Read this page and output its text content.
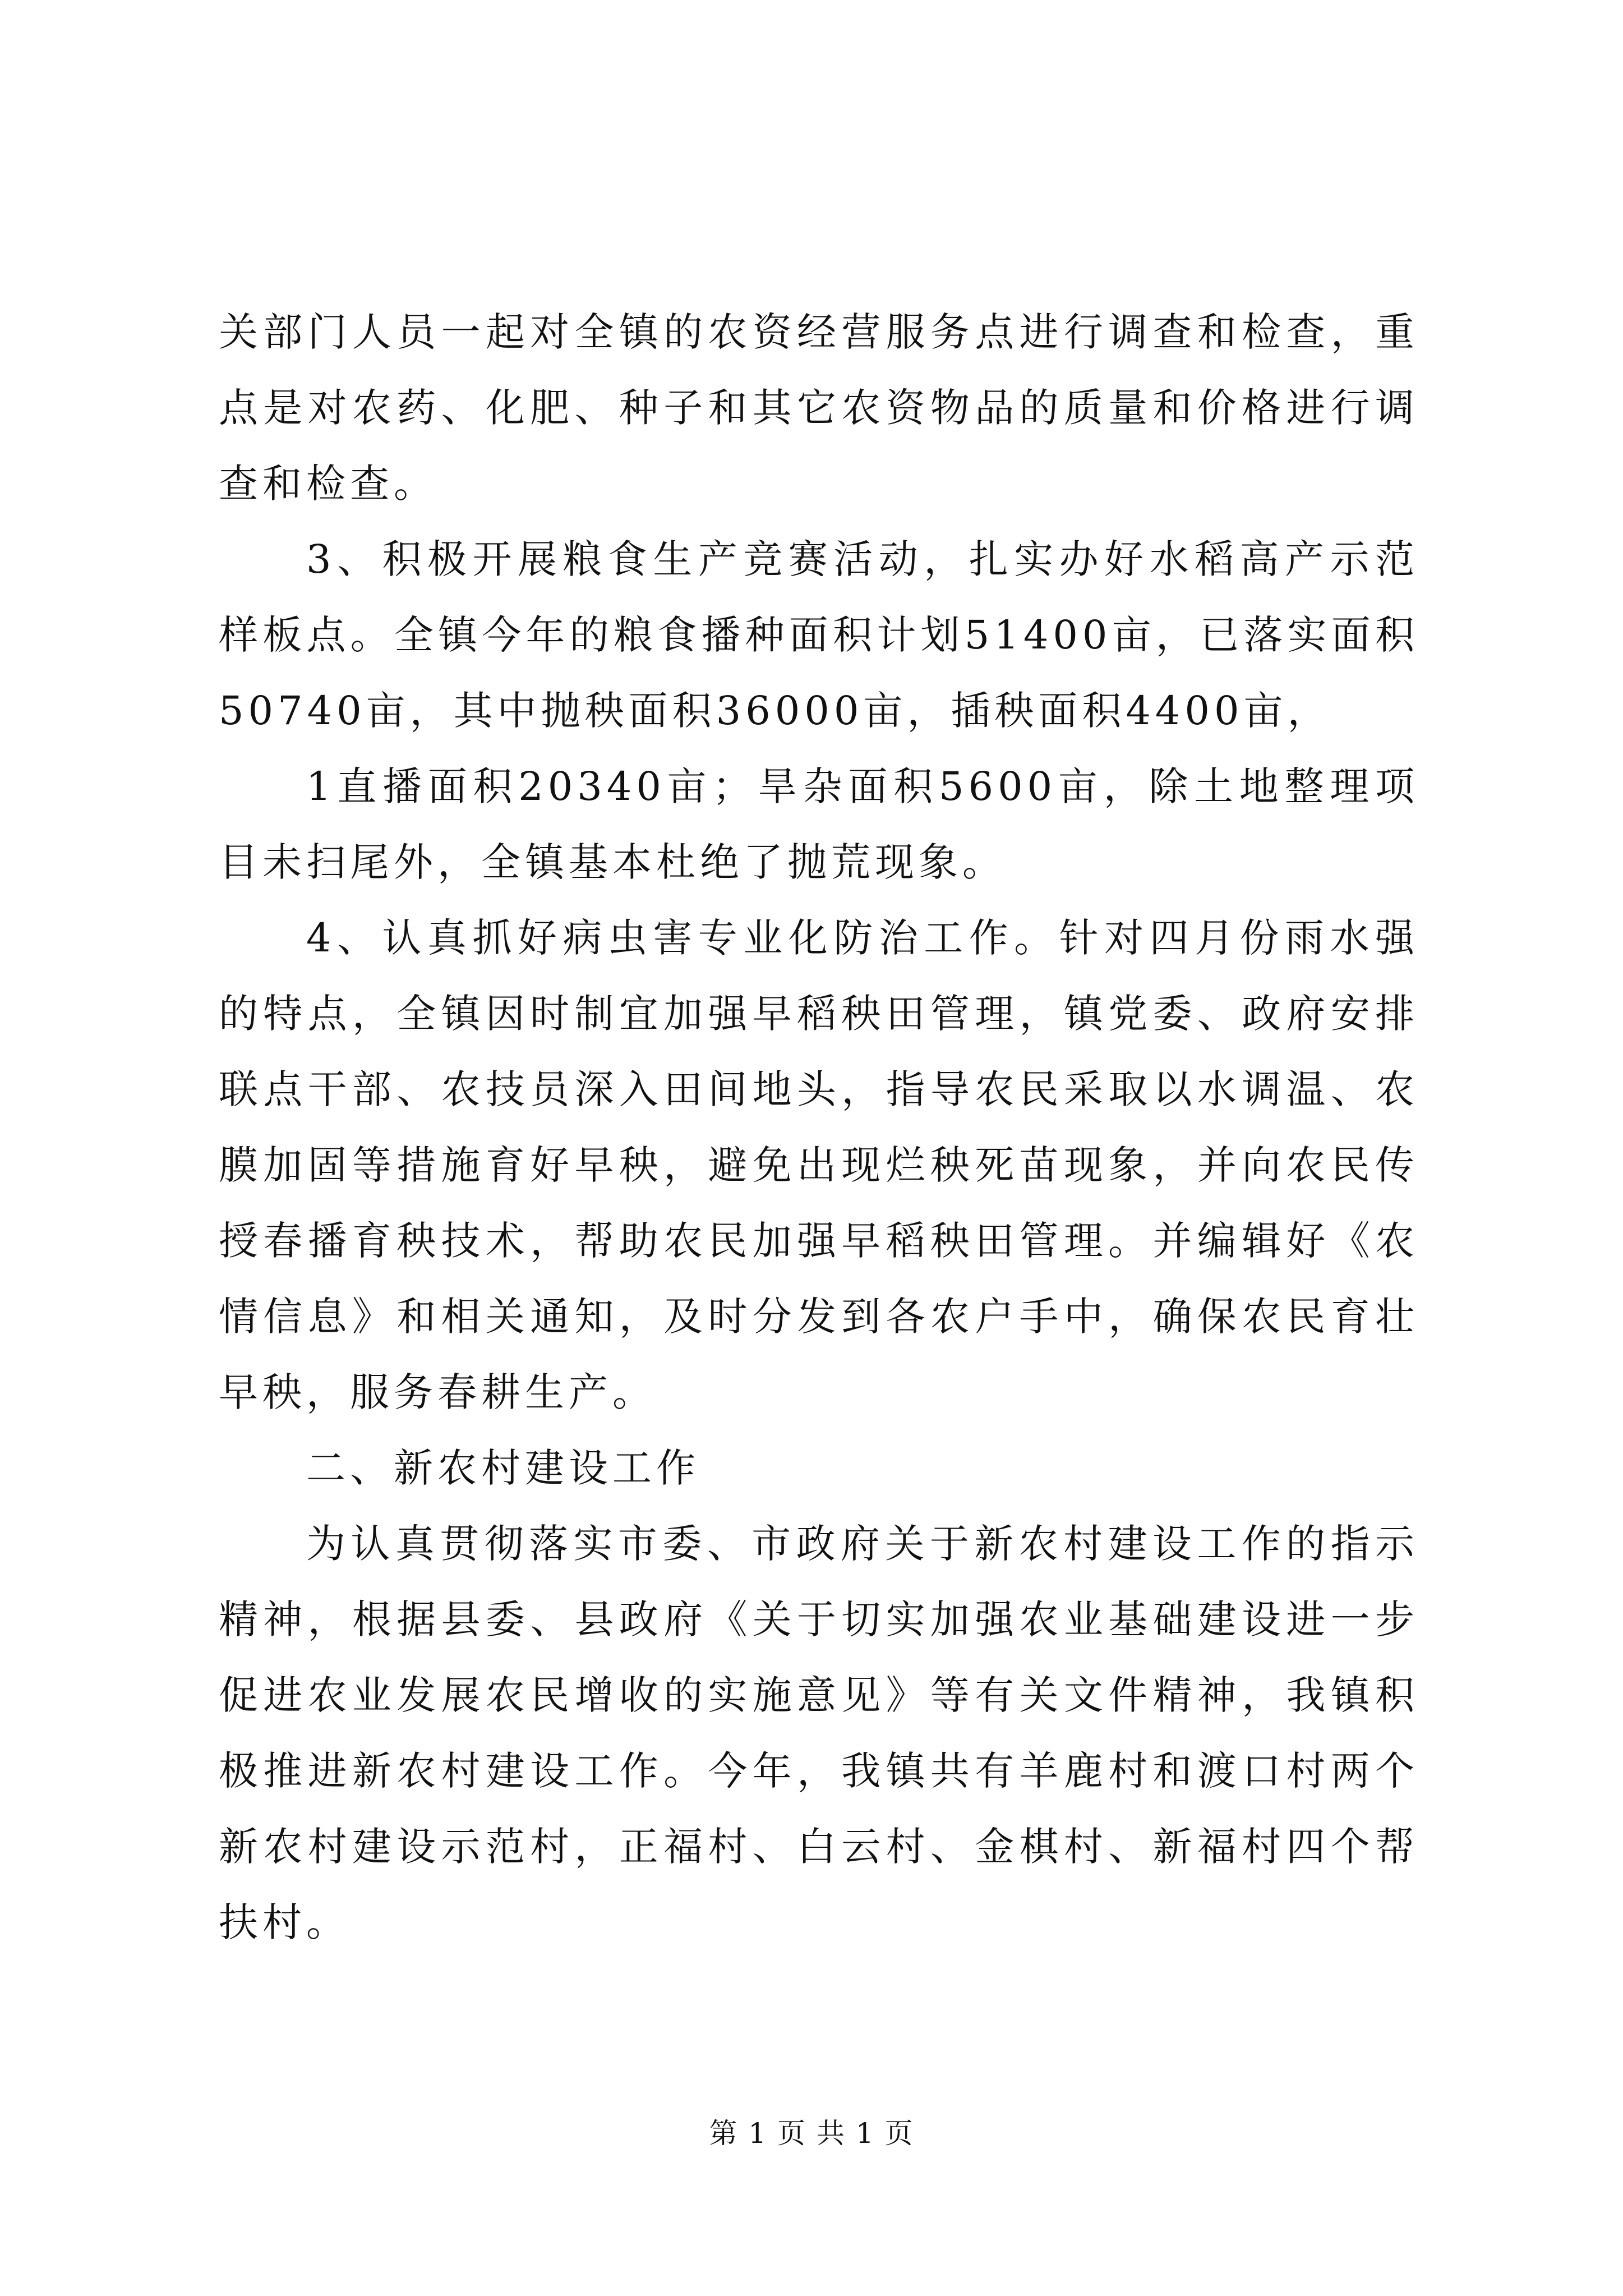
关部门人员一起对全镇的农资经营服务点进行调查和检查，重点是对农药、化肥、种子和其它农资物品的质量和价格进行调查和检查。

3、积极开展粮食生产竞赛活动，扎实办好水稻高产示范样板点。全镇今年的粮食播种面积计划51400亩，已落实面积50740亩，其中抛秧面积36000亩，插秧面积4400亩，

1直播面积20340亩；旱杂面积5600亩，除土地整理项目未扫尾外，全镇基本杜绝了抛荒现象。

4、认真抓好病虫害专业化防治工作。针对四月份雨水强的特点，全镇因时制宜加强早稻秧田管理，镇党委、政府安排联点干部、农技员深入田间地头，指导农民采取以水调温、农膜加固等措施育好早秧，避免出现烂秧死苗现象，并向农民传授春播育秧技术，帮助农民加强早稻秧田管理。并编辑好《农情信息》和相关通知，及时分发到各农户手中，确保农民育壮早秧，服务春耕生产。

二、新农村建设工作

为认真贯彻落实市委、市政府关于新农村建设工作的指示精神，根据县委、县政府《关于切实加强农业基础建设进一步促进农业发展农民增收的实施意见》等有关文件精神，我镇积极推进新农村建设工作。今年，我镇共有羊鹿村和渡口村两个新农村建设示范村，正福村、白云村、金棋村、新福村四个帮扶村。

第 1 页 共 1 页
